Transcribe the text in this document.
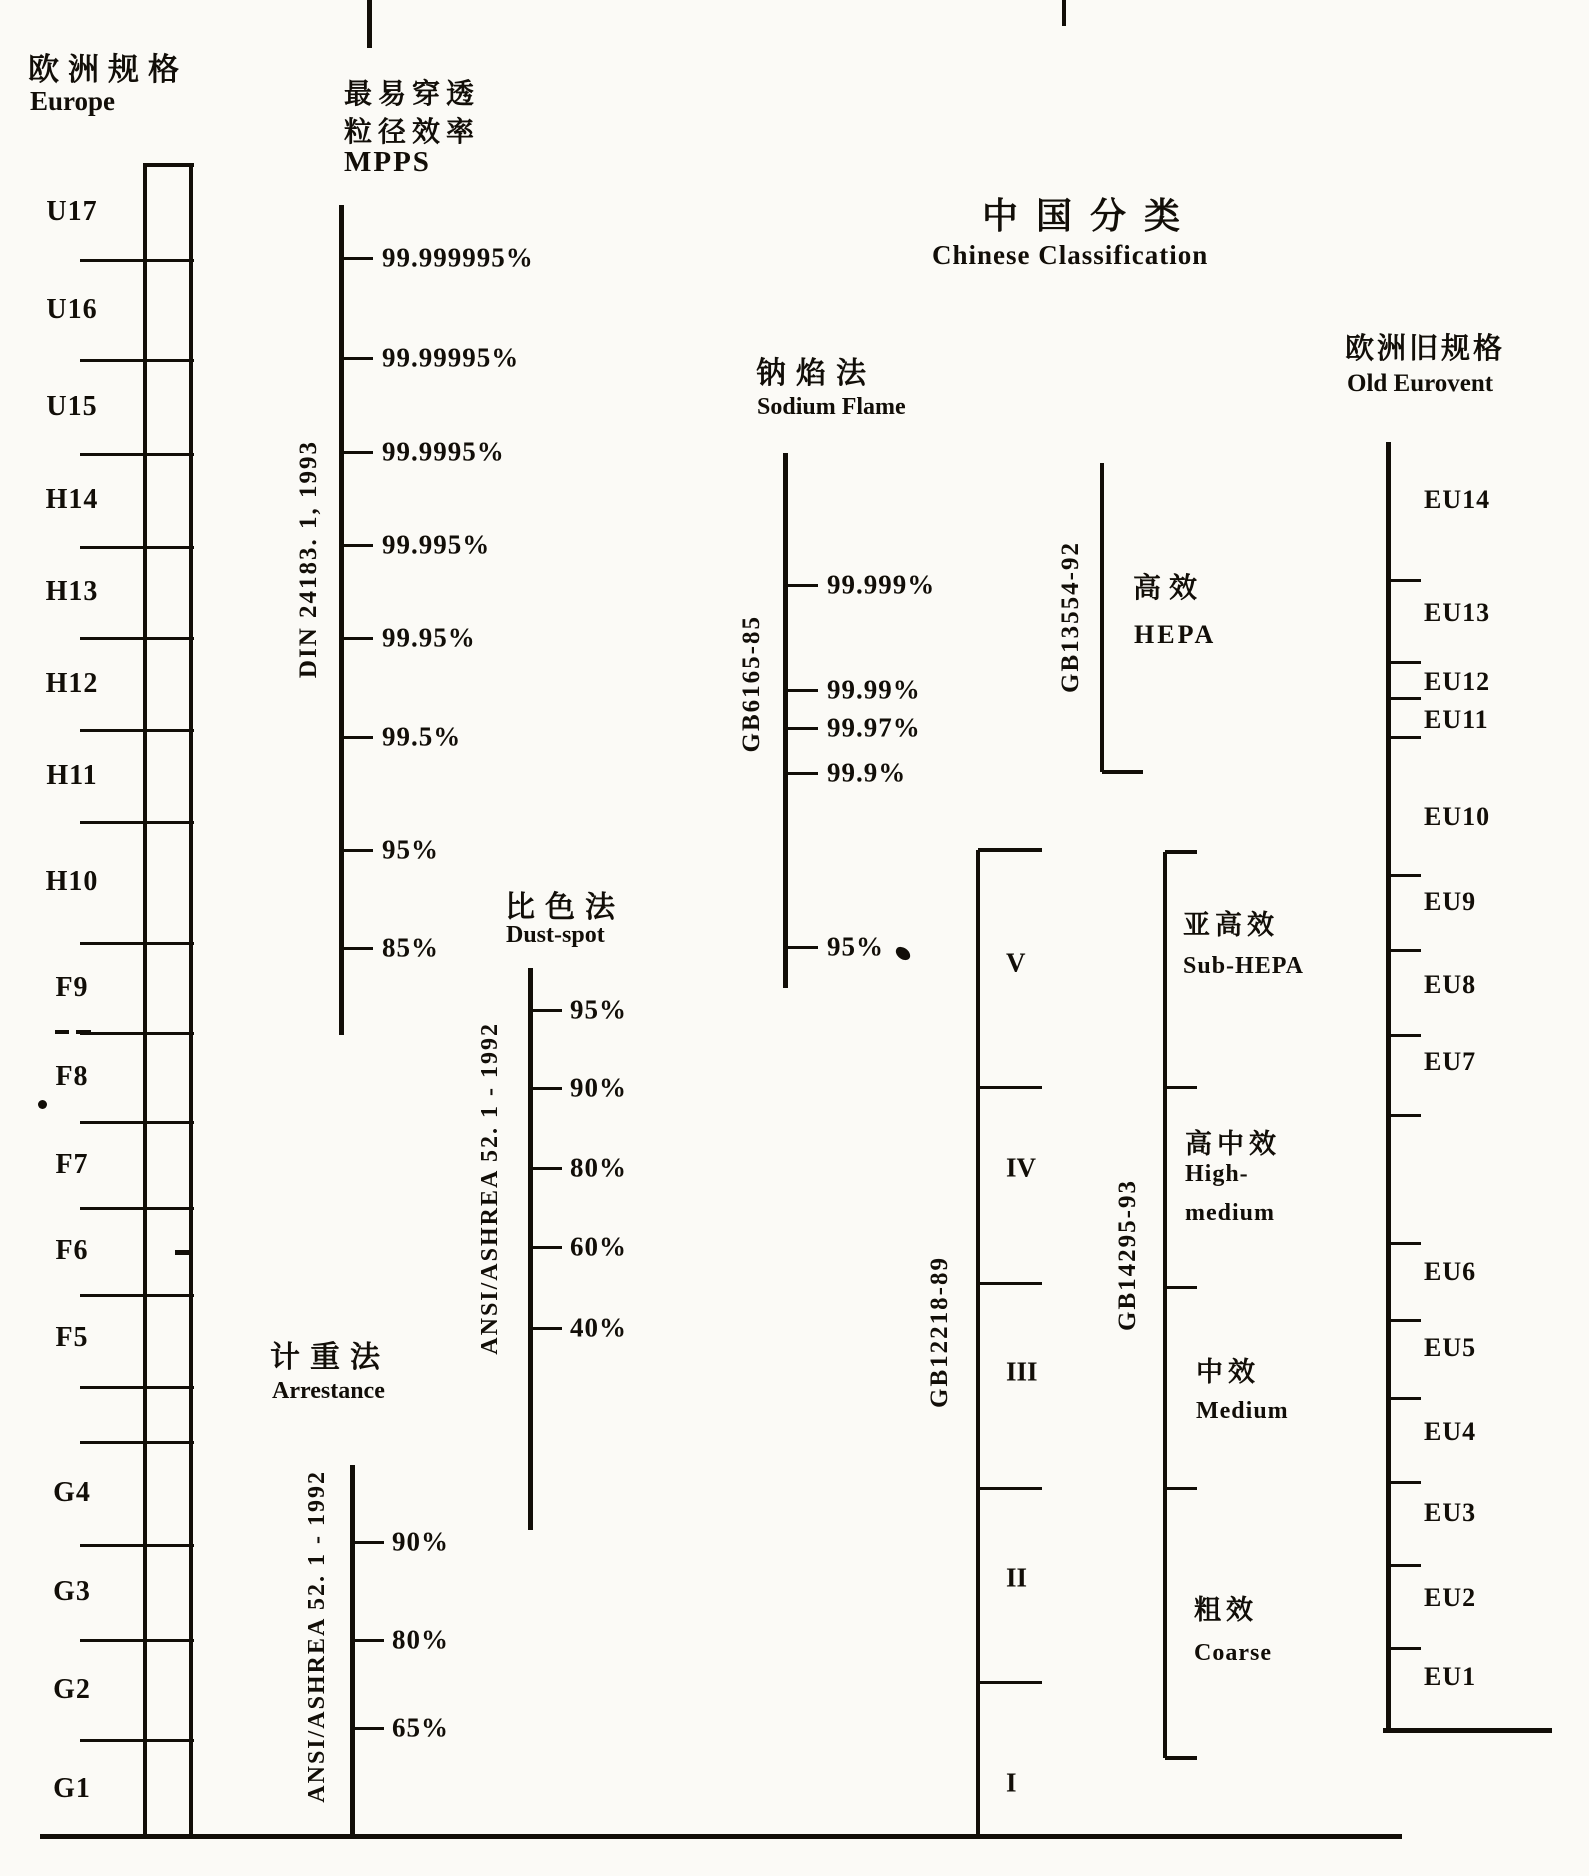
欧洲规格
Europe	最易穿透
粒径效率
MPPS
中国分类
Chinese Classification
钠焰法
Sodium Flame
比色法
Dust-spot
计重法
Arrestance
欧洲旧规格
Old Eurovent
DIN 24183. 1, 1993
ANSI/ASHREA 52. 1 - 1992
ANSI/ASHREA 52. 1 - 1992
GB6165-85
GB12218-89
GB13554-92
GB14295-93
高效
HEPA
U17
U16
U15
H14
H13
H12
H11
H10
F9
F8
F7
F6
F5
G4
G3
G2
G1
99.999995%
99.99995%
99.9995%
99.995%
99.95%
99.5%
95%
85%
99.999%
99.99%
99.97%
99.9%
95%
95%
90%
80%
60%
40%
90%
80%
65%
V
IV
III
II
I
亚高效
Sub-HEPA
高中效
High-
medium
中效
Medium
粗效
Coarse
EU14
EU13
EU12
EU11
EU10
EU9
EU8
EU7
EU6
EU5
EU4
EU3
EU2
EU1
